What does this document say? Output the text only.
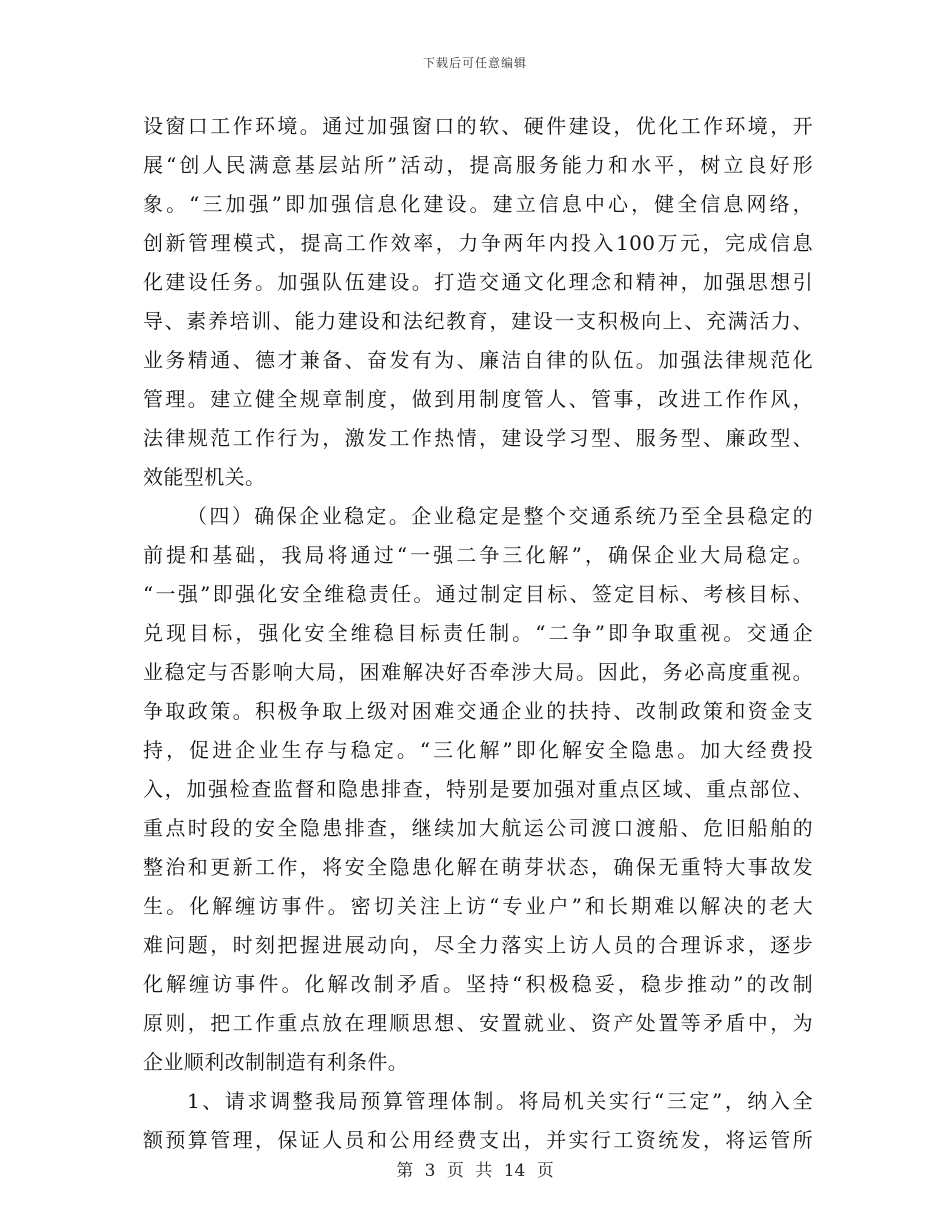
下载后可任意编辑
设窗口工作环境。通过加强窗口的软、硬件建设，优化工作环境，开
展“创人民满意基层站所”活动，提高服务能力和水平，树立良好形
象。“三加强”即加强信息化建设。建立信息中心，健全信息网络，
创新管理模式，提高工作效率，力争两年内投入100万元，完成信息
化建设任务。加强队伍建设。打造交通文化理念和精神，加强思想引
导、素养培训、能力建设和法纪教育，建设一支积极向上、充满活力、
业务精通、德才兼备、奋发有为、廉洁自律的队伍。加强法律规范化
管理。建立健全规章制度，做到用制度管人、管事，改进工作作风，
法律规范工作行为，激发工作热情，建设学习型、服务型、廉政型、
效能型机关。
（四）确保企业稳定。企业稳定是整个交通系统乃至全县稳定的
前提和基础，我局将通过“一强二争三化解”，确保企业大局稳定。
“一强”即强化安全维稳责任。通过制定目标、签定目标、考核目标、
兑现目标，强化安全维稳目标责任制。“二争”即争取重视。交通企
业稳定与否影响大局，困难解决好否牵涉大局。因此，务必高度重视。
争取政策。积极争取上级对困难交通企业的扶持、改制政策和资金支
持，促进企业生存与稳定。“三化解”即化解安全隐患。加大经费投
入，加强检查监督和隐患排查，特别是要加强对重点区域、重点部位、
重点时段的安全隐患排查，继续加大航运公司渡口渡船、危旧船舶的
整治和更新工作，将安全隐患化解在萌芽状态，确保无重特大事故发
生。化解缠访事件。密切关注上访“专业户”和长期难以解决的老大
难问题，时刻把握进展动向，尽全力落实上访人员的合理诉求，逐步
化解缠访事件。化解改制矛盾。坚持“积极稳妥，稳步推动”的改制
原则，把工作重点放在理顺思想、安置就业、资产处置等矛盾中，为
企业顺利改制制造有利条件。
1、请求调整我局预算管理体制。将局机关实行“三定”，纳入全
额预算管理，保证人员和公用经费支出，并实行工资统发，将运管所
第 3 页 共 14 页
